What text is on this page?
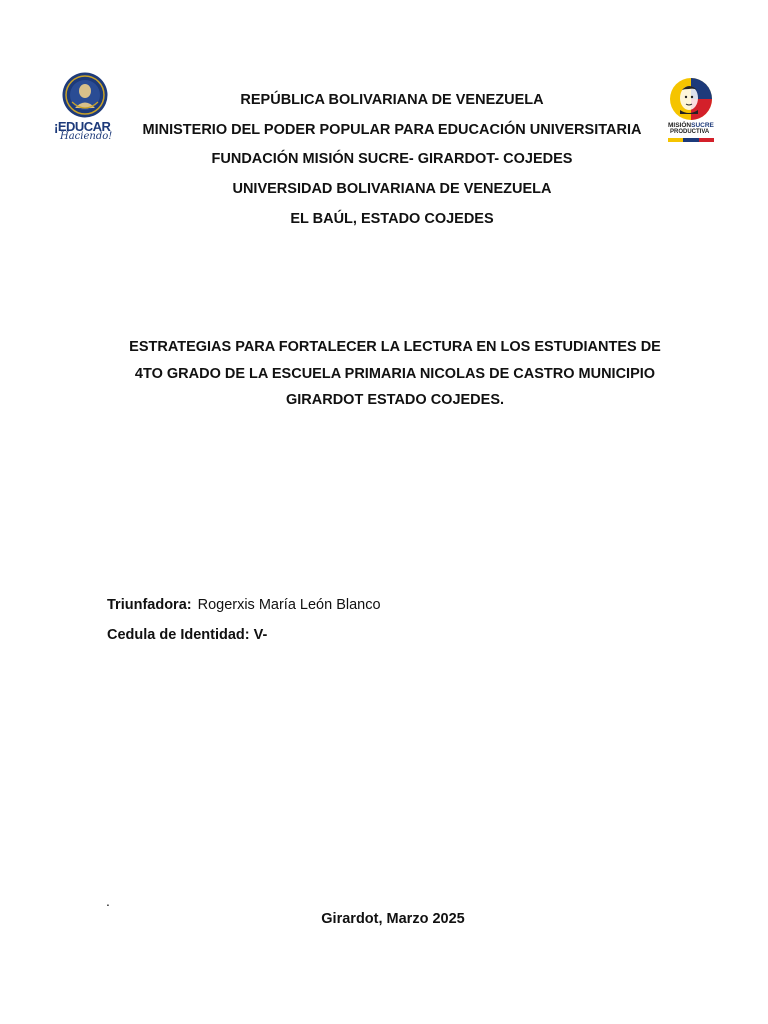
¡EDUCAR
Haciendo!
MISIÓNSUCRE
PRODUCTIVA
REPÚBLICA BOLIVARIANA DE VENEZUELA
MINISTERIO DEL PODER POPULAR PARA EDUCACIÓN UNIVERSITARIA
FUNDACIÓN MISIÓN SUCRE- GIRARDOT- COJEDES
UNIVERSIDAD BOLIVARIANA DE VENEZUELA
EL BAÚL, ESTADO COJEDES
ESTRATEGIAS PARA FORTALECER LA LECTURA EN LOS ESTUDIANTES DE
4TO GRADO DE LA ESCUELA PRIMARIA NICOLAS DE CASTRO MUNICIPIO
GIRARDOT ESTADO COJEDES.
Triunfadora: Rogerxis María León Blanco
Cedula de Identidad: V-
.
Girardot, Marzo 2025
